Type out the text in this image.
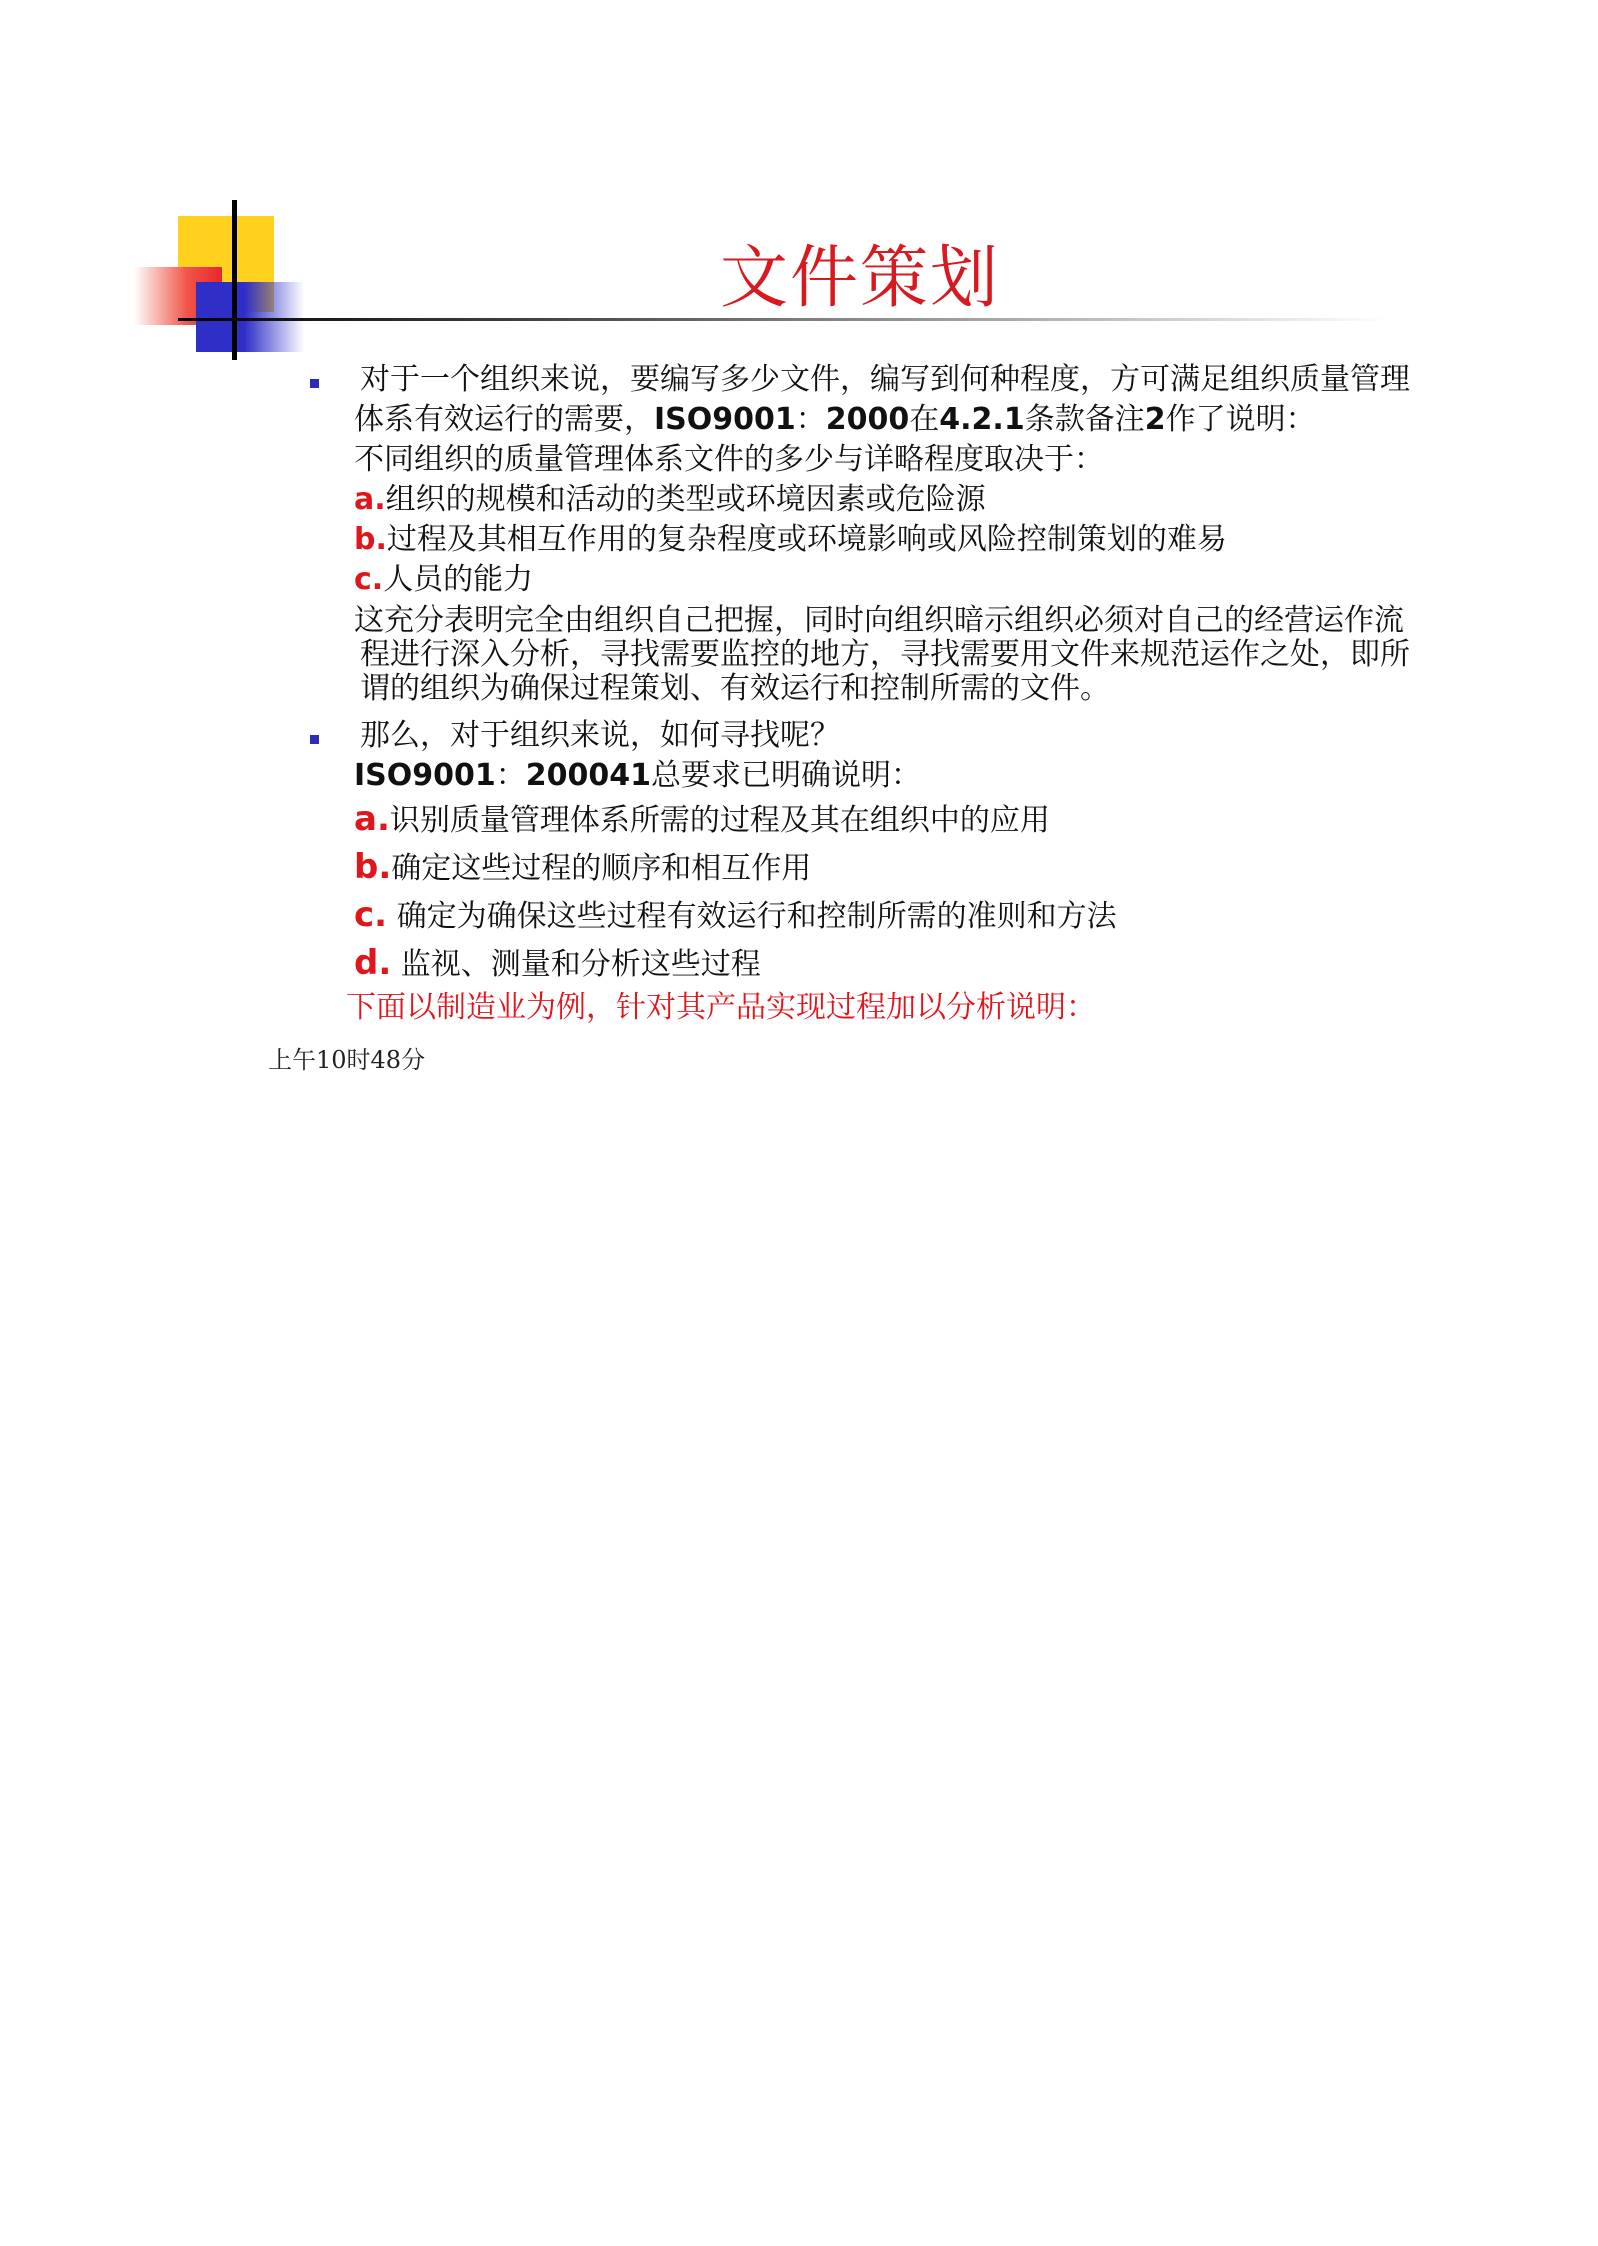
文件策划
对于一个组织来说，要编写多少文件，编写到何种程度，方可满足组织质量管理
体系有效运行的需要，ISO9001：2000在4.2.1条款备注2作了说明：
不同组织的质量管理体系文件的多少与详略程度取决于：
a.组织的规模和活动的类型或环境因素或危险源
b.过程及其相互作用的复杂程度或环境影响或风险控制策划的难易
c.人员的能力
这充分表明完全由组织自己把握，同时向组织暗示组织必须对自己的经营运作流
程进行深入分析，寻找需要监控的地方，寻找需要用文件来规范运作之处，即所
谓的组织为确保过程策划、有效运行和控制所需的文件。
那么，对于组织来说，如何寻找呢？
ISO9001：200041总要求已明确说明：
a.识别质量管理体系所需的过程及其在组织中的应用
b.确定这些过程的顺序和相互作用
c. 确定为确保这些过程有效运行和控制所需的准则和方法
d. 监视、测量和分析这些过程
下面以制造业为例，针对其产品实现过程加以分析说明：
上午10时48分
